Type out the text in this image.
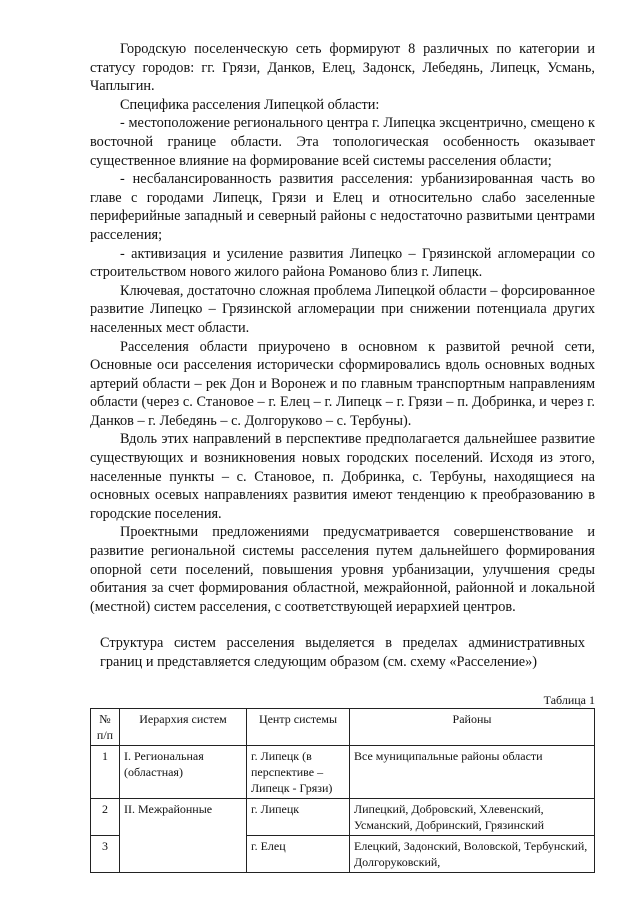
Городскую поселенческую сеть формируют 8 различных по категории и статусу городов: гг. Грязи, Данков, Елец, Задонск, Лебедянь, Липецк, Усмань, Чаплыгин.

Специфика расселения Липецкой области:

- местоположение регионального центра г. Липецка эксцентрично, смещено к восточной границе области. Эта топологическая особенность оказывает существенное влияние на формирование всей системы расселения области;

- несбалансированность развития расселения: урбанизированная часть во главе с городами Липецк, Грязи и Елец и относительно слабо заселенные периферийные западный и северный районы с недостаточно развитыми центрами расселения;

- активизация и усиление развития Липецко – Грязинской агломерации со строительством нового жилого района Романово близ г. Липецк.

Ключевая, достаточно сложная проблема Липецкой области – форсированное развитие Липецко – Грязинской агломерации при снижении потенциала других населенных мест области.

Расселения области приурочено в основном к развитой речной сети, Основные оси расселения исторически сформировались вдоль основных водных артерий области – рек Дон и Воронеж и по главным транспортным направлениям области (через с. Становое – г. Елец – г. Липецк – г. Грязи – п. Добринка, и через г. Данков – г. Лебедянь – с. Долгоруково – с. Тербуны).

Вдоль этих направлений в перспективе предполагается дальнейшее развитие существующих и возникновения новых городских поселений. Исходя из этого, населенные пункты – с. Становое, п. Добринка, с. Тербуны, находящиеся на основных осевых направлениях развития имеют тенденцию к преобразованию в городские поселения.

Проектными предложениями предусматривается совершенствование и развитие региональной системы расселения путем дальнейшего формирования опорной сети поселений, повышения уровня урбанизации, улучшения среды обитания за счет формирования областной, межрайонной, районной и локальной (местной) систем расселения, с соответствующей иерархией центров.

Структура систем расселения выделяется в пределах административных границ и представляется следующим образом (см. схему «Расселение»)

Таблица 1
№ п/п	Иерархия систем	Центр системы	Районы
1	I. Региональная (областная)	г. Липецк (в перспективе – Липецк - Грязи)	Все муниципальные районы области
2	II. Межрайонные	г. Липецк	Липецкий, Добровский, Хлевенский, Усманский, Добринский, Грязинский
3		г. Елец	Елецкий, Задонский, Воловской, Тербунский, Долгоруковский,
